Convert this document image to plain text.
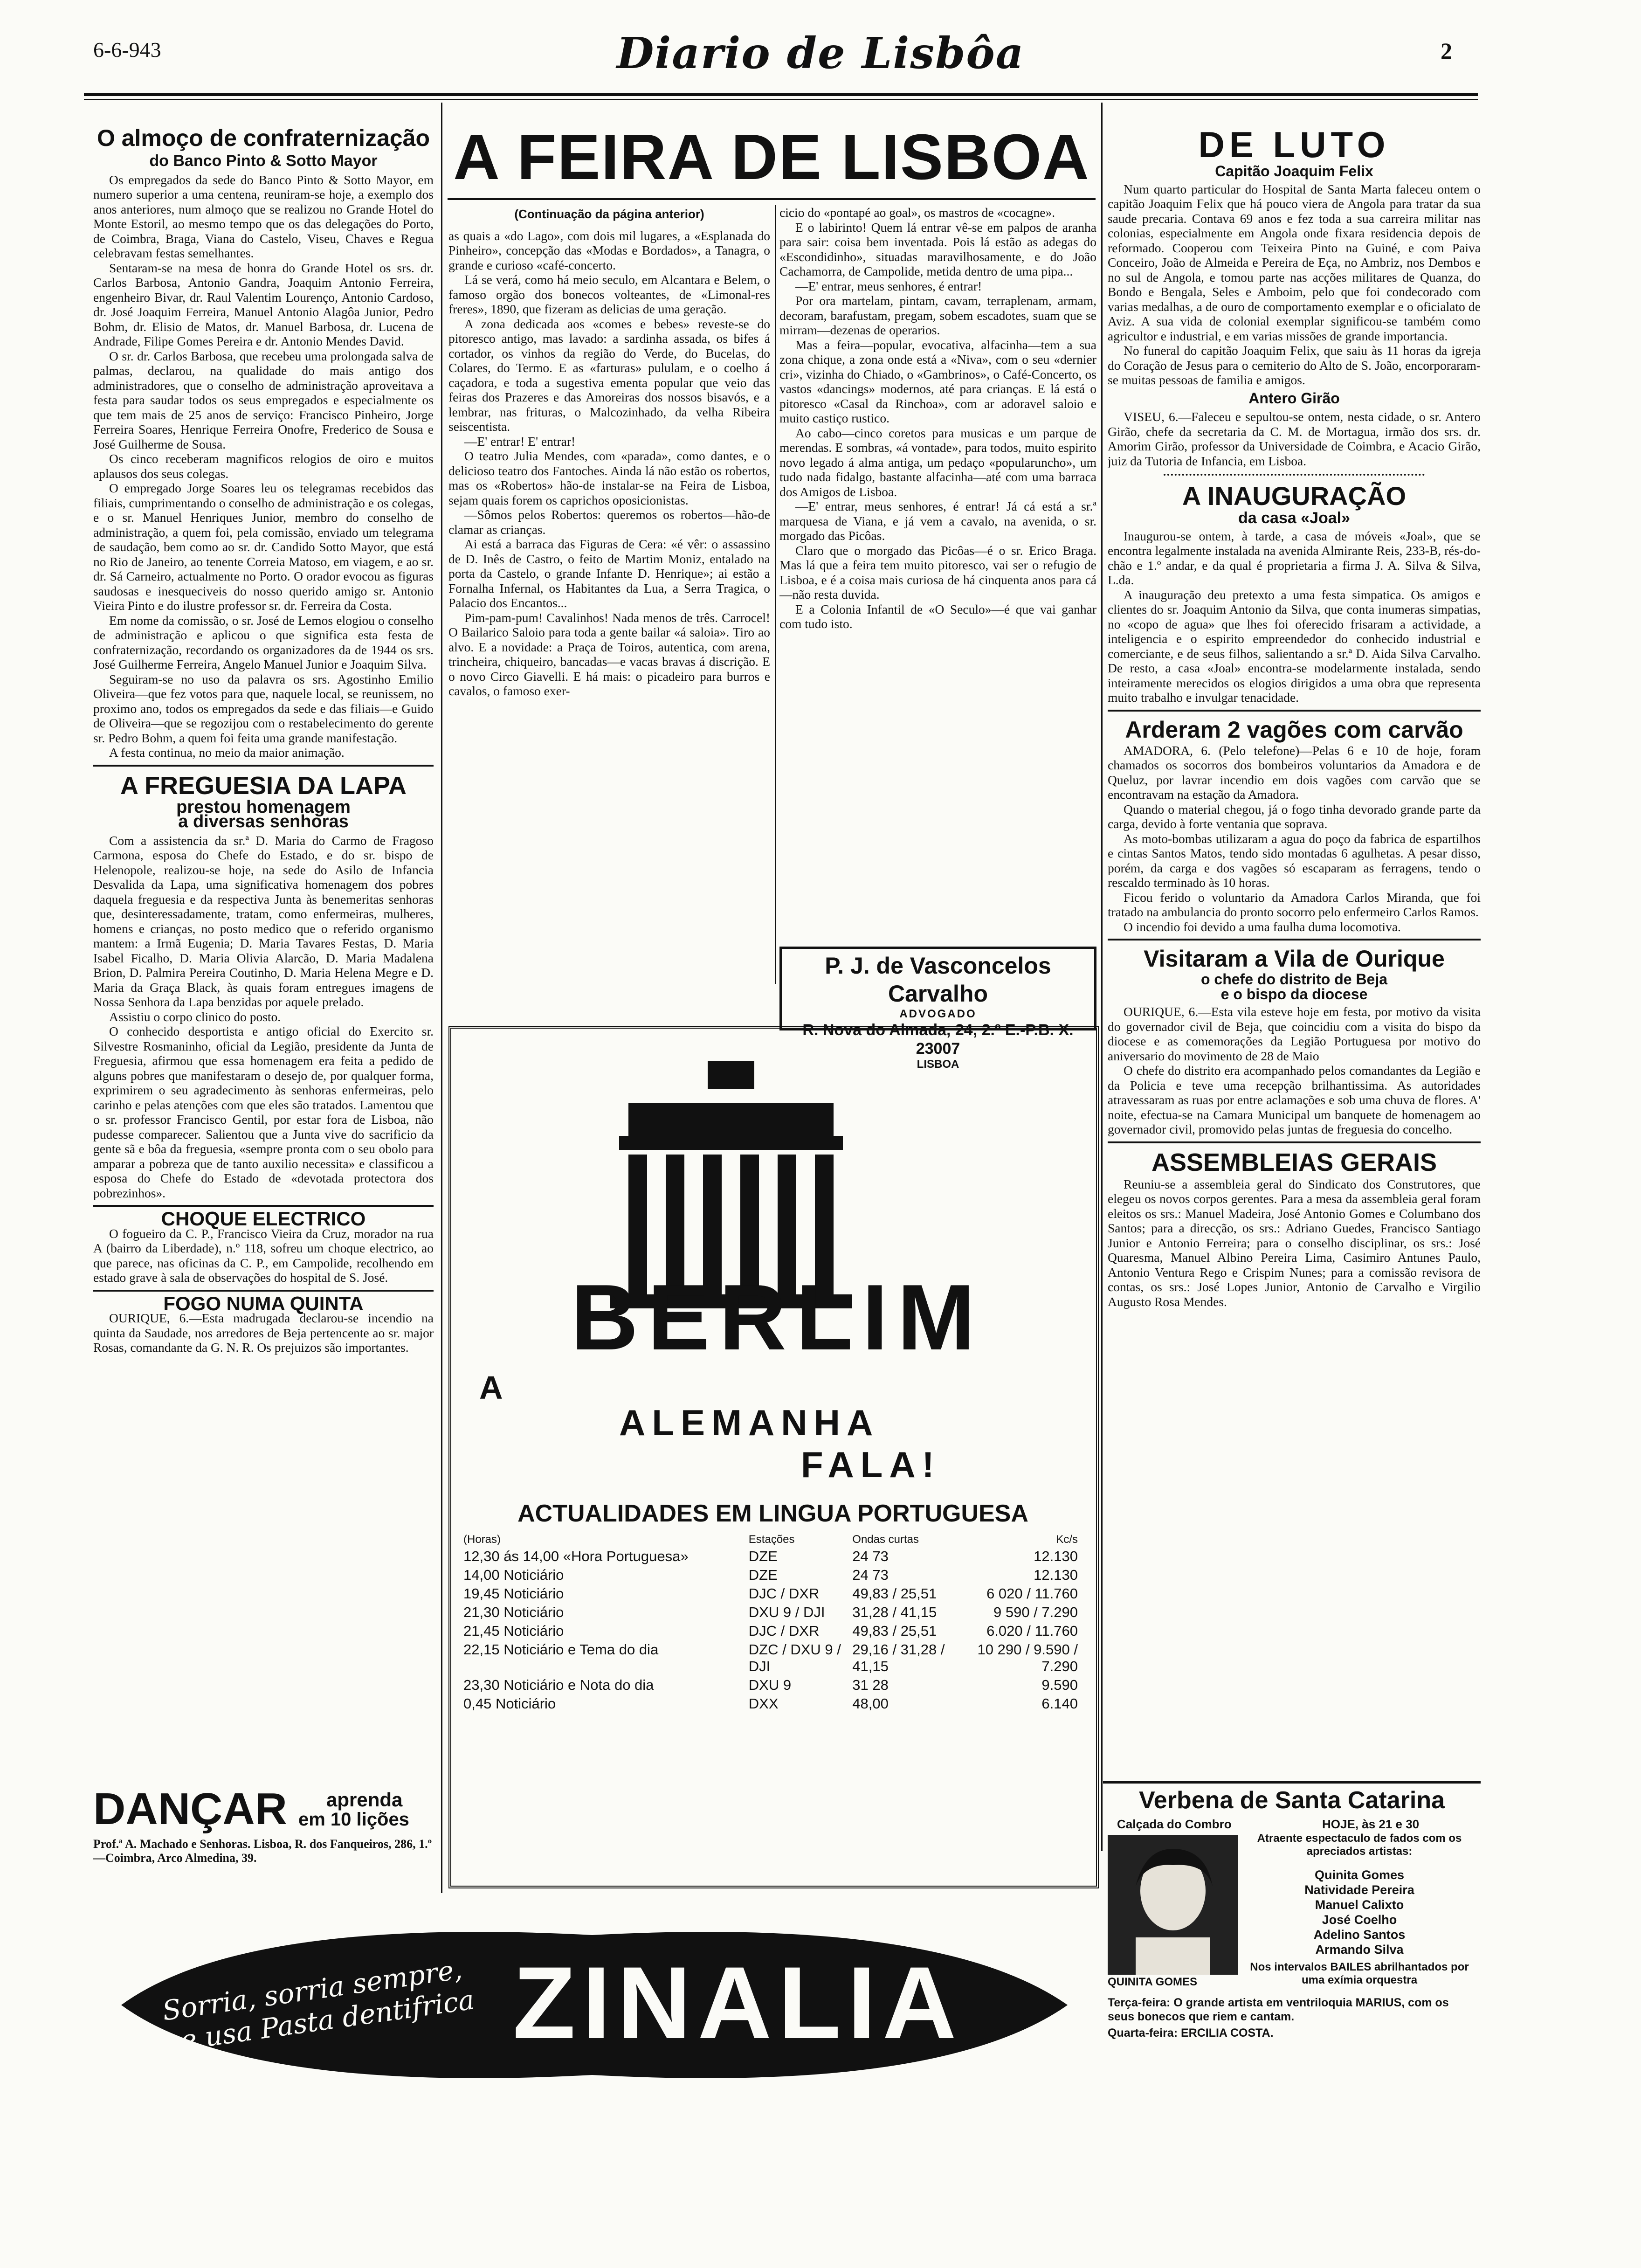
6-6-943	Diario de Lisbôa	2
O almoço de confraternização
do Banco Pinto & Sotto Mayor

Os empregados da sede do Banco Pinto & Sotto Mayor, em numero superior a uma centena, reuniram-se hoje, a exemplo dos anos anteriores, num almoço que se realizou no Grande Hotel do Monte Estoril, ao mesmo tempo que os das delegações do Porto, de Coimbra, Braga, Viana do Castelo, Viseu, Chaves e Regua celebravam festas semelhantes.

Sentaram-se na mesa de honra do Grande Hotel os srs. dr. Carlos Barbosa, Antonio Gandra, Joaquim Antonio Ferreira, engenheiro Bivar, dr. Raul Valentim Lourenço, Antonio Cardoso, dr. José Joaquim Ferreira, Manuel Antonio Alagôa Junior, Pedro Bohm, dr. Elisio de Matos, dr. Manuel Barbosa, dr. Lucena de Andrade, Filipe Gomes Pereira e dr. Antonio Mendes David.

O sr. dr. Carlos Barbosa, que recebeu uma prolongada salva de palmas, declarou, na qualidade do mais antigo dos administradores, que o conselho de administração aproveitava a festa para saudar todos os seus empregados e especialmente os que tem mais de 25 anos de serviço: Francisco Pinheiro, Jorge Ferreira Soares, Henrique Ferreira Onofre, Frederico de Sousa e José Guilherme de Sousa.

Os cinco receberam magnificos relogios de oiro e muitos aplausos dos seus colegas.

O empregado Jorge Soares leu os telegramas recebidos das filiais, cumprimentando o conselho de administração e os colegas, e o sr. Manuel Henriques Junior, membro do conselho de administração, a quem foi, pela comissão, enviado um telegrama de saudação, bem como ao sr. dr. Candido Sotto Mayor, que está no Rio de Janeiro, ao tenente Correia Matoso, em viagem, e ao sr. dr. Sá Carneiro, actualmente no Porto. O orador evocou as figuras saudosas e inesqueciveis do nosso querido amigo sr. Antonio Vieira Pinto e do ilustre professor sr. dr. Ferreira da Costa.

Em nome da comissão, o sr. José de Lemos elogiou o conselho de administração e aplicou o que significa esta festa de confraternização, recordando os organizadores da de 1944 os srs. José Guilherme Ferreira, Angelo Manuel Junior e Joaquim Silva.

Seguiram-se no uso da palavra os srs. Agostinho Emilio Oliveira—que fez votos para que, naquele local, se reunissem, no proximo ano, todos os empregados da sede e das filiais—e Guido de Oliveira—que se regozijou com o restabelecimento do gerente sr. Pedro Bohm, a quem foi feita uma grande manifestação.

A festa continua, no meio da maior animação.

A FREGUESIA DA LAPA
prestou homenagem
a diversas senhoras

Com a assistencia da sr.ª D. Maria do Carmo de Fragoso Carmona, esposa do Chefe do Estado, e do sr. bispo de Helenopole, realizou-se hoje, na sede do Asilo de Infancia Desvalida da Lapa, uma significativa homenagem dos pobres daquela freguesia e da respectiva Junta às benemeritas senhoras que, desinteressadamente, tratam, como enfermeiras, mulheres, homens e crianças, no posto medico que o referido organismo mantem: a Irmã Eugenia; D. Maria Tavares Festas, D. Maria Isabel Ficalho, D. Maria Olivia Alarcão, D. Maria Madalena Brion, D. Palmira Pereira Coutinho, D. Maria Helena Megre e D. Maria da Graça Black, às quais foram entregues imagens de Nossa Senhora da Lapa benzidas por aquele prelado.

Assistiu o corpo clinico do posto.

O conhecido desportista e antigo oficial do Exercito sr. Silvestre Rosmaninho, oficial da Legião, presidente da Junta de Freguesia, afirmou que essa homenagem era feita a pedido de alguns pobres que manifestaram o desejo de, por qualquer forma, exprimirem o seu agradecimento às senhoras enfermeiras, pelo carinho e pelas atenções com que eles são tratados. Lamentou que o sr. professor Francisco Gentil, por estar fora de Lisboa, não pudesse comparecer. Salientou que a Junta vive do sacrificio da gente sã e bôa da freguesia, «sempre pronta com o seu obolo para amparar a pobreza que de tanto auxilio necessita» e classificou a esposa do Chefe do Estado de «devotada protectora dos pobrezinhos».

CHOQUE ELECTRICO

O fogueiro da C. P., Francisco Vieira da Cruz, morador na rua A (bairro da Liberdade), n.º 118, sofreu um choque electrico, ao que parece, nas oficinas da C. P., em Campolide, recolhendo em estado grave à sala de observações do hospital de S. José.

FOGO NUMA QUINTA

OURIQUE, 6.—Esta madrugada declarou-se incendio na quinta da Saudade, nos arredores de Beja pertencente ao sr. major Rosas, comandante da G. N. R. Os prejuizos são importantes.

DANÇAR aprenda
em 10 lições
Prof.ª A. Machado e Senhoras. Lisboa, R. dos Fanqueiros, 286, 1.º—Coimbra, Arco Almedina, 39.
A FEIRA DE LISBOA
(Continuação da página anterior)

as quais a «do Lago», com dois mil lugares, a «Esplanada do Pinheiro», concepção das «Modas e Bordados», a Tanagra, o grande e curioso «café-concerto.

Lá se verá, como há meio seculo, em Alcantara e Belem, o famoso orgão dos bonecos volteantes, de «Limonal-res freres», 1890, que fizeram as delicias de uma geração.

A zona dedicada aos «comes e bebes» reveste-se do pitoresco antigo, mas lavado: a sardinha assada, os bifes á cortador, os vinhos da região do Verde, do Bucelas, do Colares, do Termo. E as «farturas» pululam, e o coelho á caçadora, e toda a sugestiva ementa popular que veio das feiras dos Prazeres e das Amoreiras dos nossos bisavós, e a lembrar, nas frituras, o Malcozinhado, da velha Ribeira seiscentista.

—E' entrar! E' entrar!

O teatro Julia Mendes, com «parada», como dantes, e o delicioso teatro dos Fantoches. Ainda lá não estão os robertos, mas os «Robertos» hão-de instalar-se na Feira de Lisboa, sejam quais forem os caprichos oposicionistas.

—Sômos pelos Robertos: queremos os robertos—hão-de clamar as crianças.

Ai está a barraca das Figuras de Cera: «é vêr: o assassino de D. Inês de Castro, o feito de Martim Moniz, entalado na porta da Castelo, o grande Infante D. Henrique»; ai estão a Fornalha Infernal, os Habitantes da Lua, a Serra Tragica, o Palacio dos Encantos...

Pim-pam-pum! Cavalinhos! Nada menos de três. Carrocel! O Bailarico Saloio para toda a gente bailar «á saloia». Tiro ao alvo. E a novidade: a Praça de Toiros, autentica, com arena, trincheira, chiqueiro, bancadas—e vacas bravas á discrição. E o novo Circo Giavelli. E há mais: o picadeiro para burros e cavalos, o famoso exer-

cicio do «pontapé ao goal», os mastros de «cocagne».

E o labirinto! Quem lá entrar vê-se em palpos de aranha para sair: coisa bem inventada. Pois lá estão as adegas do «Escondidinho», situadas maravilhosamente, e do João Cachamorra, de Campolide, metida dentro de uma pipa...

—E' entrar, meus senhores, é entrar!

Por ora martelam, pintam, cavam, terraplenam, armam, decoram, barafustam, pregam, sobem escadotes, suam que se mirram—dezenas de operarios.

Mas a feira—popular, evocativa, alfacinha—tem a sua zona chique, a zona onde está a «Niva», com o seu «dernier cri», vizinha do Chiado, o «Gambrinos», o Café-Concerto, os vastos «dancings» modernos, até para crianças. E lá está o pitoresco «Casal da Rinchoa», com ar adoravel saloio e muito castiço rustico.

Ao cabo—cinco coretos para musicas e um parque de merendas. E sombras, «á vontade», para todos, muito espirito novo legado á alma antiga, um pedaço «popularuncho», um tudo nada fidalgo, bastante alfacinha—até com uma barraca dos Amigos de Lisboa.

—E' entrar, meus senhores, é entrar! Já cá está a sr.ª marquesa de Viana, e já vem a cavalo, na avenida, o sr. morgado das Picôas.

Claro que o morgado das Picôas—é o sr. Erico Braga. Mas lá que a feira tem muito pitoresco, vai ser o refugio de Lisboa, e é a coisa mais curiosa de há cinquenta anos para cá—não resta duvida.

E a Colonia Infantil de «O Seculo»—é que vai ganhar com tudo isto.

P. J. de Vasconcelos Carvalho
ADVOGADO
R. Nova do Almada, 24, 2.º E.-P.B. X. 23007
LISBOA
BERLIM
A
ALEMANHA
FALA!
ACTUALIDADES EM LINGUA PORTUGUESA
(Horas)	Estações	Ondas curtas	Kc/s
12,30 ás 14,00 «Hora Portuguesa»	DZE	24 73	12.130
14,00 Noticiário	DZE	24 73	12.130
19,45 Noticiário	DJC / DXR	49,83 / 25,51	6 020 / 11.760
21,30 Noticiário	DXU 9 / DJI	31,28 / 41,15	9 590 / 7.290
21,45 Noticiário	DJC / DXR	49,83 / 25,51	6.020 / 11.760
22,15 Noticiário e Tema do dia	DZC / DXU 9 / DJI	29,16 / 31,28 / 41,15	10 290 / 9.590 / 7.290
23,30 Noticiário e Nota do dia	DXU 9	31 28	9.590
0,45 Noticiário	DXX	48,00	6.140
Sorria, sorria sempre, se usa Pasta dentifrica ZINALIA
DE LUTO
Capitão Joaquim Felix

Num quarto particular do Hospital de Santa Marta faleceu ontem o capitão Joaquim Felix que há pouco viera de Angola para tratar da sua saude precaria. Contava 69 anos e fez toda a sua carreira militar nas colonias, especialmente em Angola onde fixara residencia depois de reformado. Cooperou com Teixeira Pinto na Guiné, e com Paiva Conceiro, João de Almeida e Pereira de Eça, no Ambriz, nos Dembos e no sul de Angola, e tomou parte nas acções militares de Quanza, do Bondo e Bengala, Seles e Amboim, pelo que foi condecorado com varias medalhas, a de ouro de comportamento exemplar e o oficialato de Aviz. A sua vida de colonial exemplar significou-se também como agricultor e industrial, e em varias missões de grande importancia.

No funeral do capitão Joaquim Felix, que saiu às 11 horas da igreja do Coração de Jesus para o cemiterio do Alto de S. João, encorporaram-se muitas pessoas de familia e amigos.

Antero Girão

VISEU, 6.—Faleceu e sepultou-se ontem, nesta cidade, o sr. Antero Girão, chefe da secretaria da C. M. de Mortagua, irmão dos srs. dr. Amorim Girão, professor da Universidade de Coimbra, e Acacio Girão, juiz da Tutoria de Infancia, em Lisboa.

A INAUGURAÇÃO
da casa «Joal»

Inaugurou-se ontem, à tarde, a casa de móveis «Joal», que se encontra legalmente instalada na avenida Almirante Reis, 233-B, rés-do-chão e 1.º andar, e da qual é proprietaria a firma J. A. Silva & Silva, L.da.

A inauguração deu pretexto a uma festa simpatica. Os amigos e clientes do sr. Joaquim Antonio da Silva, que conta inumeras simpatias, no «copo de agua» que lhes foi oferecido frisaram a actividade, a inteligencia e o espirito empreendedor do conhecido industrial e comerciante, e de seus filhos, salientando a sr.ª D. Aida Silva Carvalho. De resto, a casa «Joal» encontra-se modelarmente instalada, sendo inteiramente merecidos os elogios dirigidos a uma obra que representa muito trabalho e invulgar tenacidade.

Arderam 2 vagões com carvão

AMADORA, 6. (Pelo telefone)—Pelas 6 e 10 de hoje, foram chamados os socorros dos bombeiros voluntarios da Amadora e de Queluz, por lavrar incendio em dois vagões com carvão que se encontravam na estação da Amadora.

Quando o material chegou, já o fogo tinha devorado grande parte da carga, devido à forte ventania que soprava.

As moto-bombas utilizaram a agua do poço da fabrica de espartilhos e cintas Santos Matos, tendo sido montadas 6 agulhetas. A pesar disso, porém, da carga e dos vagões só escaparam as ferragens, tendo o rescaldo terminado às 10 horas.

Ficou ferido o voluntario da Amadora Carlos Miranda, que foi tratado na ambulancia do pronto socorro pelo enfermeiro Carlos Ramos.

O incendio foi devido a uma faulha duma locomotiva.

Visitaram a Vila de Ourique
o chefe do distrito de Beja
e o bispo da diocese

OURIQUE, 6.—Esta vila esteve hoje em festa, por motivo da visita do governador civil de Beja, que coincidiu com a visita do bispo da diocese e as comemorações da Legião Portuguesa por motivo do aniversario do movimento de 28 de Maio

O chefe do distrito era acompanhado pelos comandantes da Legião e da Policia e teve uma recepção brilhantissima. As autoridades atravessaram as ruas por entre aclamações e sob uma chuva de flores. A' noite, efectua-se na Camara Municipal um banquete de homenagem ao governador civil, promovido pelas juntas de freguesia do concelho.

ASSEMBLEIAS GERAIS

Reuniu-se a assembleia geral do Sindicato dos Construtores, que elegeu os novos corpos gerentes. Para a mesa da assembleia geral foram eleitos os srs.: Manuel Madeira, José Antonio Gomes e Columbano dos Santos; para a direcção, os srs.: Adriano Guedes, Francisco Santiago Junior e Antonio Ferreira; para o conselho disciplinar, os srs.: José Quaresma, Manuel Albino Pereira Lima, Casimiro Antunes Paulo, Antonio Ventura Rego e Crispim Nunes; para a comissão revisora de contas, os srs.: José Lopes Junior, Antonio de Carvalho e Virgilio Augusto Rosa Mendes.

Verbena de Santa Catarina
Calçada do Combro	HOJE, às 21 e 30
QUINITA GOMES
Atraente espectaculo de fados com os apreciados artistas:
Quinita Gomes
Natividade Pereira
Manuel Calixto
José Coelho
Adelino Santos
Armando Silva
Nos intervalos BAILES abrilhantados por uma exímia orquestra
Terça-feira: O grande artista em ventriloquia MARIUS, com os seus bonecos que riem e cantam.
Quarta-feira: ERCILIA COSTA.
